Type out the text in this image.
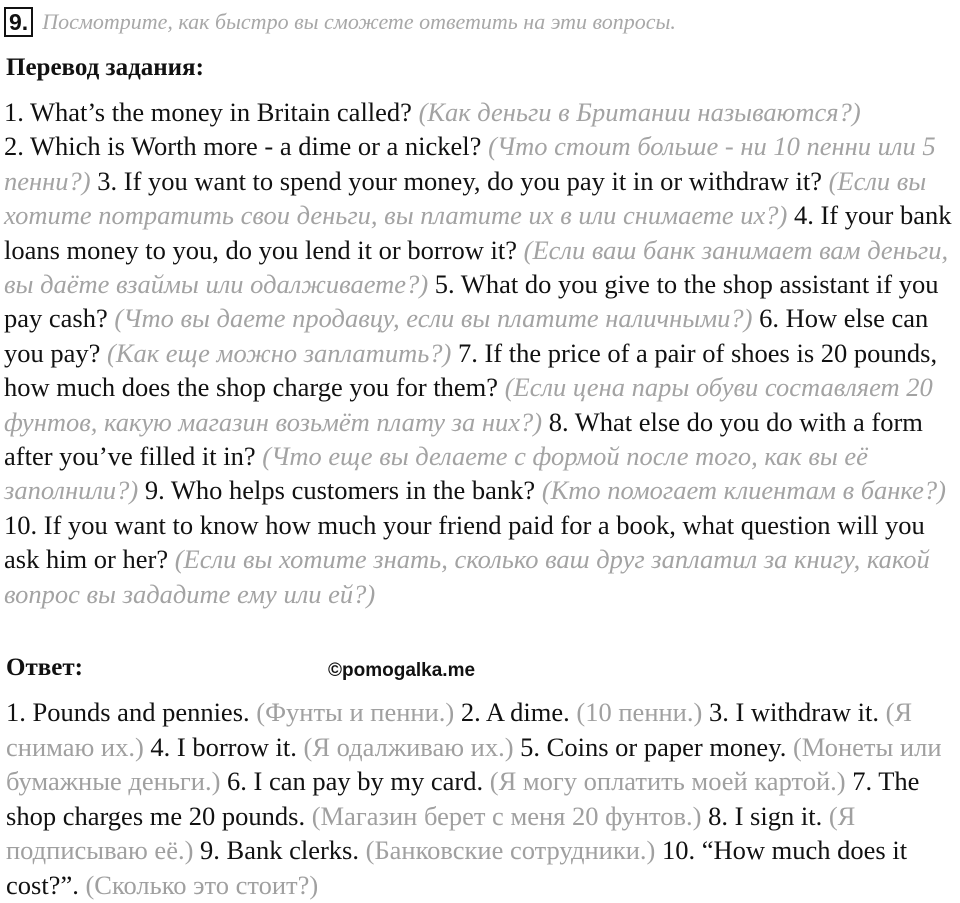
9. Посмотрите, как быстро вы сможете ответить на эти вопросы.
Перевод задания:
1. What’s the money in Britain called? (Как деньги в Британии называются?)
2. Which is Worth more - a dime or a nickel? (Что стоит больше - ни 10 пенни или 5 пенни?) 3. If you want to spend your money, do you pay it in or withdraw it? (Если вы хотите потратить свои деньги, вы платите их в или снимаете их?) 4. If your bank loans money to you, do you lend it or borrow it? (Если ваш банк занимает вам деньги, вы даёте взаймы или одалживаете?) 5. What do you give to the shop assistant if you pay cash? (Что вы даете продавцу, если вы платите наличными?) 6. How else can you pay? (Как еще можно заплатить?) 7. If the price of a pair of shoes is 20 pounds, how much does the shop charge you for them? (Если цена пары обуви составляет 20 фунтов, какую магазин возьмёт плату за них?) 8. What else do you do with a form after you’ve filled it in? (Что еще вы делаете с формой после того, как вы её заполнили?) 9. Who helps customers in the bank? (Кто помогает клиентам в банке?) 10. If you want to know how much your friend paid for a book, what question will you ask him or her? (Если вы хотите знать, сколько ваш друг заплатил за книгу, какой вопрос вы зададите ему или ей?)
Ответ:	©pomogalka.me
1. Pounds and pennies. (Фунты и пенни.) 2. A dime. (10 пенни.) 3. I withdraw it. (Я снимаю их.) 4. I borrow it. (Я одалживаю их.) 5. Coins or paper money. (Монеты или бумажные деньги.) 6. I can pay by my card. (Я могу оплатить моей картой.) 7. The shop charges me 20 pounds. (Магазин берет с меня 20 фунтов.) 8. I sign it. (Я подписываю её.) 9. Bank clerks. (Банковские сотрудники.) 10. “How much does it cost?”. (Сколько это стоит?)
